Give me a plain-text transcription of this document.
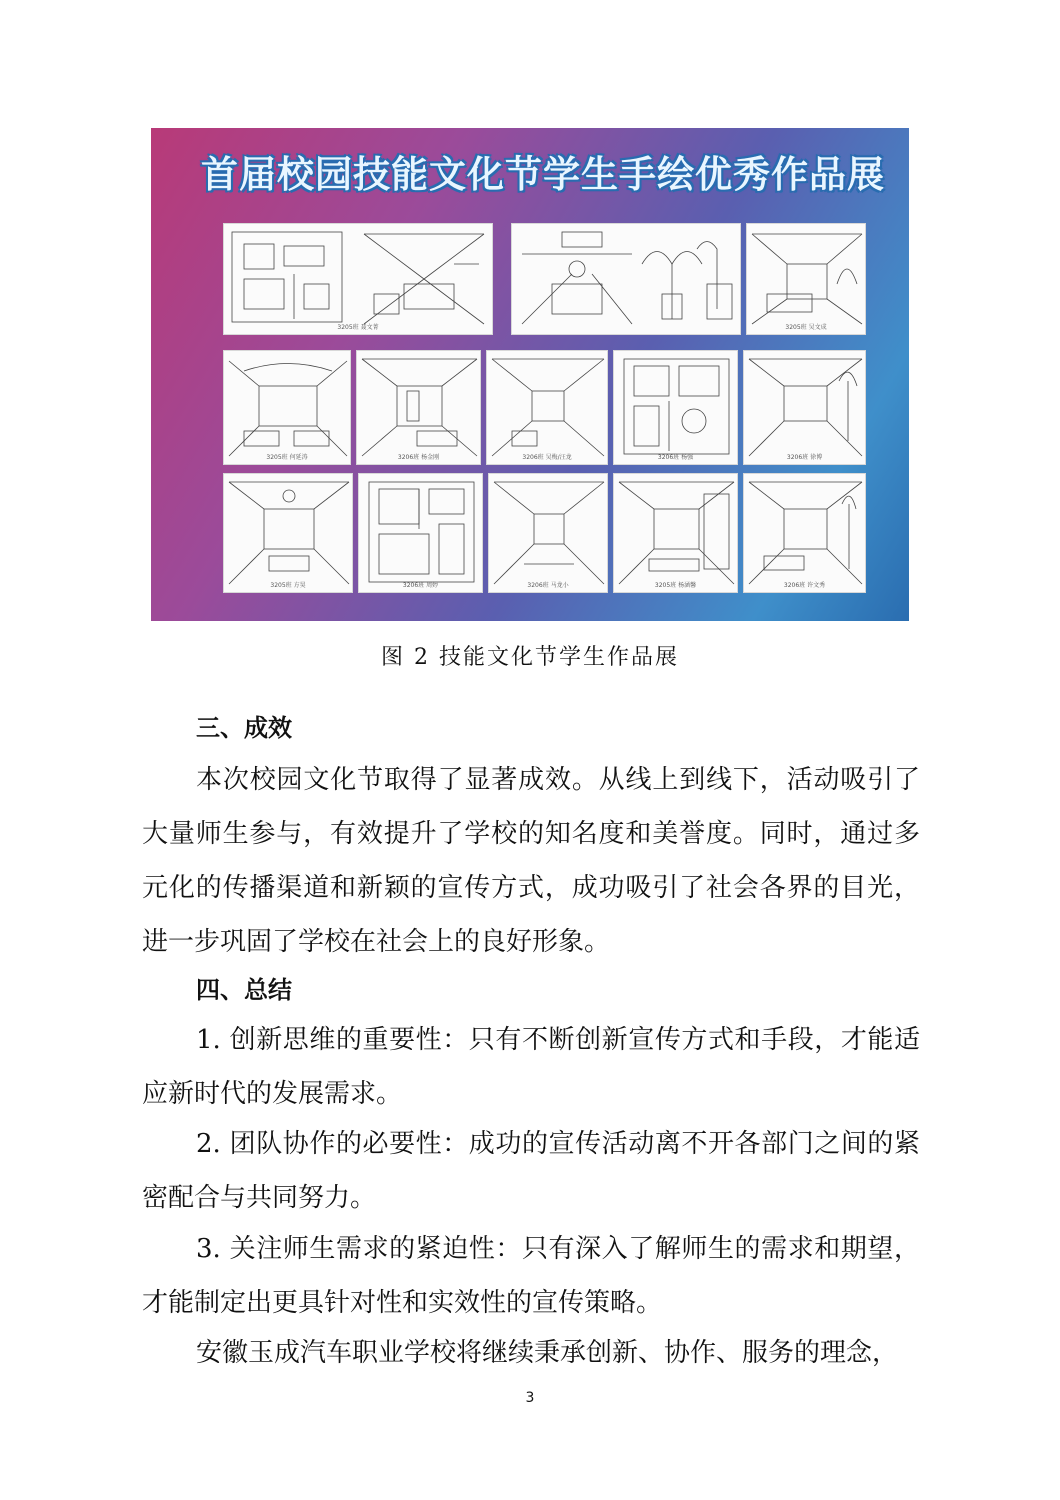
首届校园技能文化节学生手绘优秀作品展
3205班 聂文菁	3205班 吴文成
3205班 何延涛	3206班 杨金刚	3206班 吴梅/汪龙	3206班 杨强	3206班 徐博
3205班 方昊	3206班 周婷	3206班 马龙小	3205班 杨涵馨	3206班 许文秀
图 2 技能文化节学生作品展
三、成效
本次校园文化节取得了显著成效。从线上到线下，活动吸引了大量师生参与，有效提升了学校的知名度和美誉度。同时，通过多元化的传播渠道和新颖的宣传方式，成功吸引了社会各界的目光，进一步巩固了学校在社会上的良好形象。
四、总结
1. 创新思维的重要性：只有不断创新宣传方式和手段，才能适应新时代的发展需求。
2. 团队协作的必要性：成功的宣传活动离不开各部门之间的紧密配合与共同努力。
3. 关注师生需求的紧迫性：只有深入了解师生的需求和期望，才能制定出更具针对性和实效性的宣传策略。
安徽玉成汽车职业学校将继续秉承创新、协作、服务的理念，
3
